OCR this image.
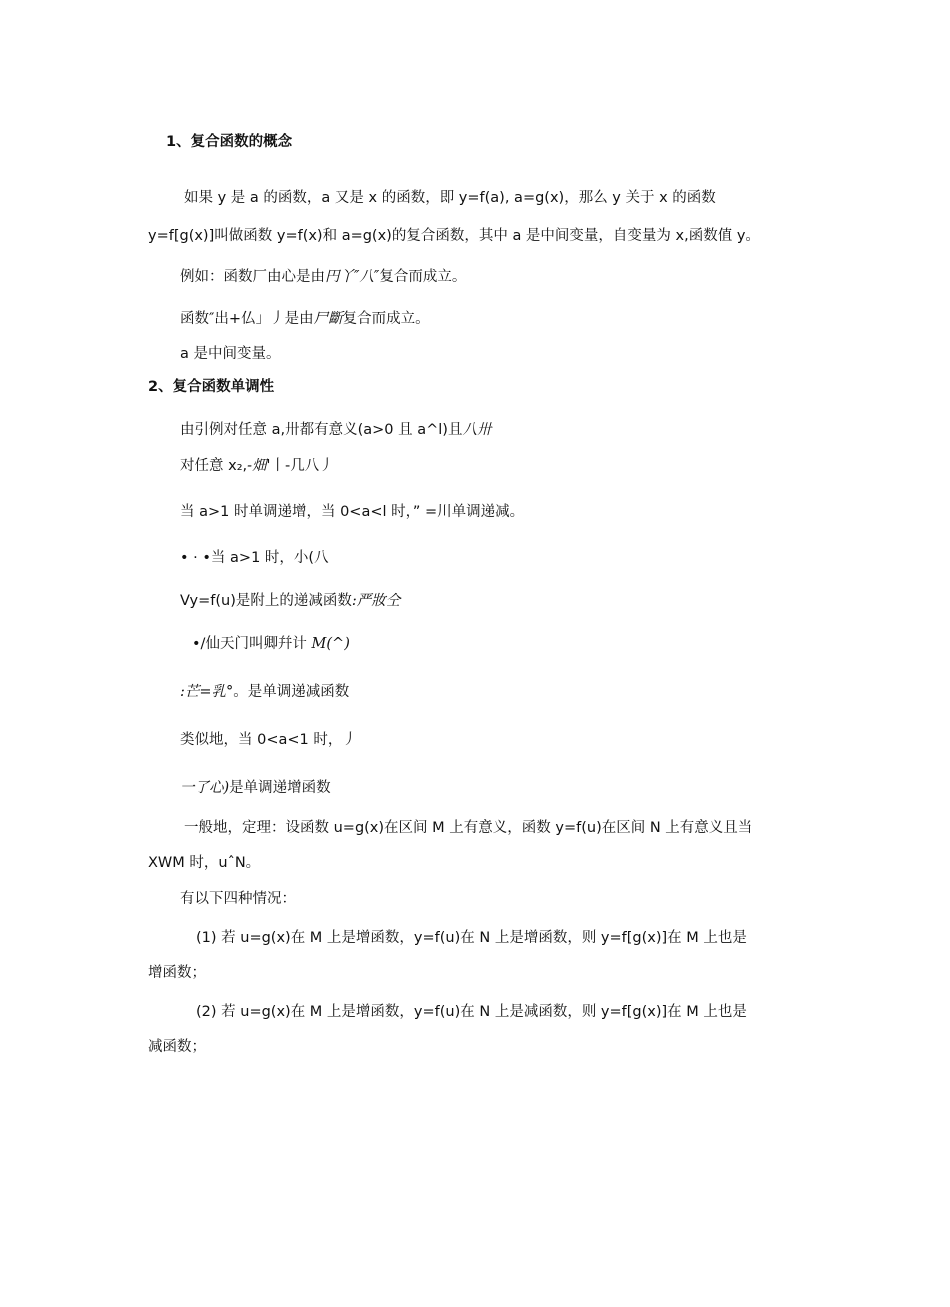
1、复合函数的概念
如果 y 是 a 的函数，a 又是 x 的函数，即 y=f(a), a=g(x)，那么 y 关于 x 的函数
y=f[g(x)]叫做函数 y=f(x)和 a=g(x)的复合函数，其中 a 是中间变量，自变量为 x,函数值 y。
例如：函数厂由心是由円丫″八″复合而成立。
函数″出+仏」丿是由尸斷复合而成立。
a 是中间变量。
2、复合函数单调性
由引例对任意 a,卅都有意义(a>0 且 a^l)且八卅
对任意 x₂,-畑'丨-几八丿
当 a>1 时单调递增，当 0<a<l 时，” =川单调递减。
• · •当 a>1 时，小(八
Vy=f(u)是附上的递减函数:严妝仝
•/仙天门叫卿幷计 M(^)
:芒=乳°。是单调递减函数
类似地，当 0<a<1 时，丿
一了心)是单调递增函数
一般地，定理：设函数 u=g(x)在区间 M 上有意义，函数 y=f(u)在区间 N 上有意义且当
XWM 时，uˆN。
有以下四种情况：
(1) 若 u=g(x)在 M 上是增函数，y=f(u)在 N 上是增函数，则 y=f[g(x)]在 M 上也是
增函数；
(2) 若 u=g(x)在 M 上是增函数，y=f(u)在 N 上是减函数，则 y=f[g(x)]在 M 上也是
减函数；
